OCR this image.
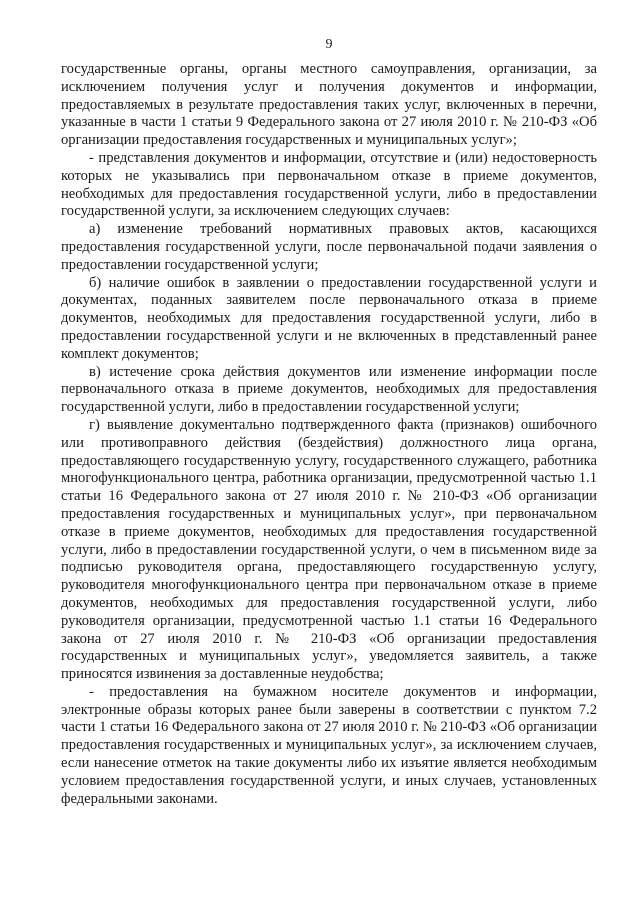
9

государственные органы, органы местного самоуправления, организации, за исключением получения услуг и получения документов и информации, предоставляемых в результате предоставления таких услуг, включенных в перечни, указанные в части 1 статьи 9 Федерального закона от 27 июля 2010 г. № 210-ФЗ «Об организации предоставления государственных и муниципальных услуг»;

- представления документов и информации, отсутствие и (или) недостоверность которых не указывались при первоначальном отказе в приеме документов, необходимых для предоставления государственной услуги, либо в предоставлении государственной услуги, за исключением следующих случаев:

а) изменение требований нормативных правовых актов, касающихся предоставления государственной услуги, после первоначальной подачи заявления о предоставлении государственной услуги;

б) наличие ошибок в заявлении о предоставлении государственной услуги и документах, поданных заявителем после первоначального отказа в приеме документов, необходимых для предоставления государственной услуги, либо в предоставлении государственной услуги и не включенных в представленный ранее комплект документов;

в) истечение срока действия документов или изменение информации после первоначального отказа в приеме документов, необходимых для предоставления государственной услуги, либо в предоставлении государственной услуги;

г) выявление документально подтвержденного факта (признаков) ошибочного или противоправного действия (бездействия) должностного лица органа, предоставляющего государственную услугу, государственного служащего, работника многофункционального центра, работника организации, предусмотренной частью 1.1 статьи 16 Федерального закона от 27 июля 2010 г. № 210-ФЗ «Об организации предоставления государственных и муниципальных услуг», при первоначальном отказе в приеме документов, необходимых для предоставления государственной услуги, либо в предоставлении государственной услуги, о чем в письменном виде за подписью руководителя органа, предоставляющего государственную услугу, руководителя многофункционального центра при первоначальном отказе в приеме документов, необходимых для предоставления государственной услуги, либо руководителя организации, предусмотренной частью 1.1 статьи 16 Федерального закона от 27 июля 2010 г. № 210-ФЗ «Об организации предоставления государственных и муниципальных услуг», уведомляется заявитель, а также приносятся извинения за доставленные неудобства;

- предоставления на бумажном носителе документов и информации, электронные образы которых ранее были заверены в соответствии с пунктом 7.2 части 1 статьи 16 Федерального закона от 27 июля 2010 г. № 210-ФЗ «Об организации предоставления государственных и муниципальных услуг», за исключением случаев, если нанесение отметок на такие документы либо их изъятие является необходимым условием предоставления государственной услуги, и иных случаев, установленных федеральными законами.
